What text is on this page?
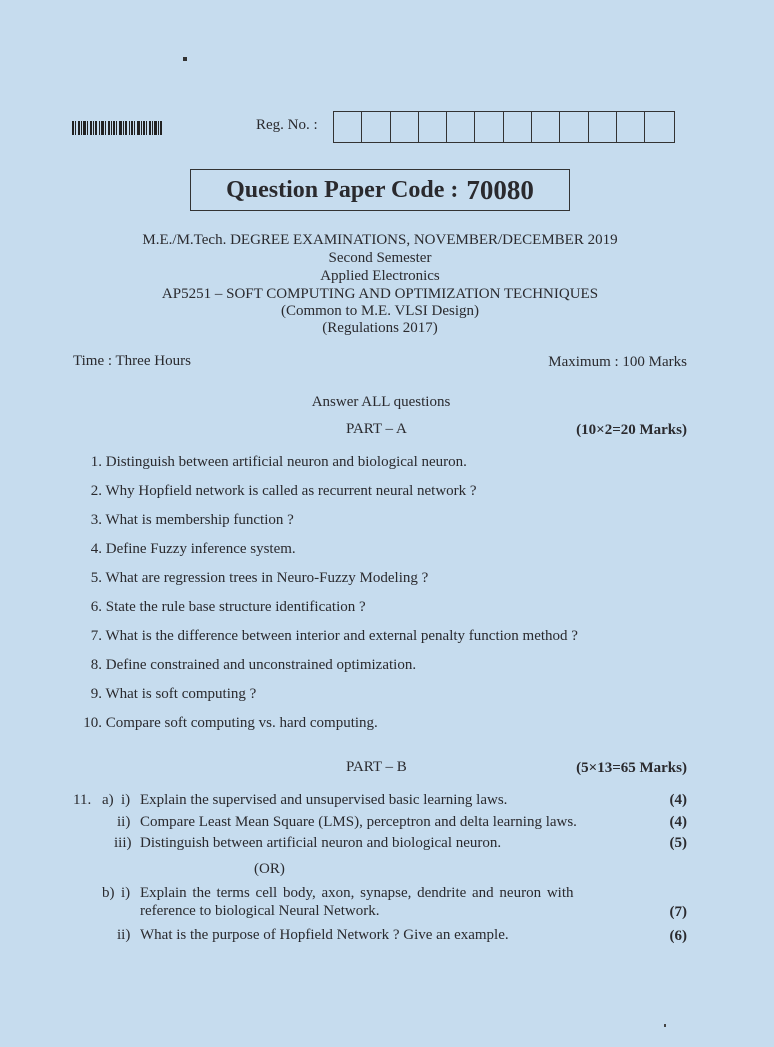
Reg. No. :
Question Paper Code : 70080
M.E./M.Tech. DEGREE EXAMINATIONS, NOVEMBER/DECEMBER 2019
Second Semester
Applied Electronics
AP5251 – SOFT COMPUTING AND OPTIMIZATION TECHNIQUES
(Common to M.E. VLSI Design)
(Regulations 2017)
Time : Three Hours	Maximum : 100 Marks
Answer ALL questions
PART – A	(10×2=20 Marks)
1. Distinguish between artificial neuron and biological neuron.
2. Why Hopfield network is called as recurrent neural network ?
3. What is membership function ?
4. Define Fuzzy inference system.
5. What are regression trees in Neuro-Fuzzy Modeling ?
6. State the rule base structure identification ?
7. What is the difference between interior and external penalty function method ?
8. Define constrained and unconstrained optimization.
9. What is soft computing ?
10. Compare soft computing vs. hard computing.
PART – B	(5×13=65 Marks)
11. a) i) Explain the supervised and unsupervised basic learning laws.	(4)
ii) Compare Least Mean Square (LMS), perceptron and delta learning laws.	(4)
iii) Distinguish between artificial neuron and biological neuron.	(5)
(OR)
b) i) Explain the terms cell body, axon, synapse, dendrite and neuron with
reference to biological Neural Network.	(7)
ii) What is the purpose of Hopfield Network ? Give an example.	(6)
